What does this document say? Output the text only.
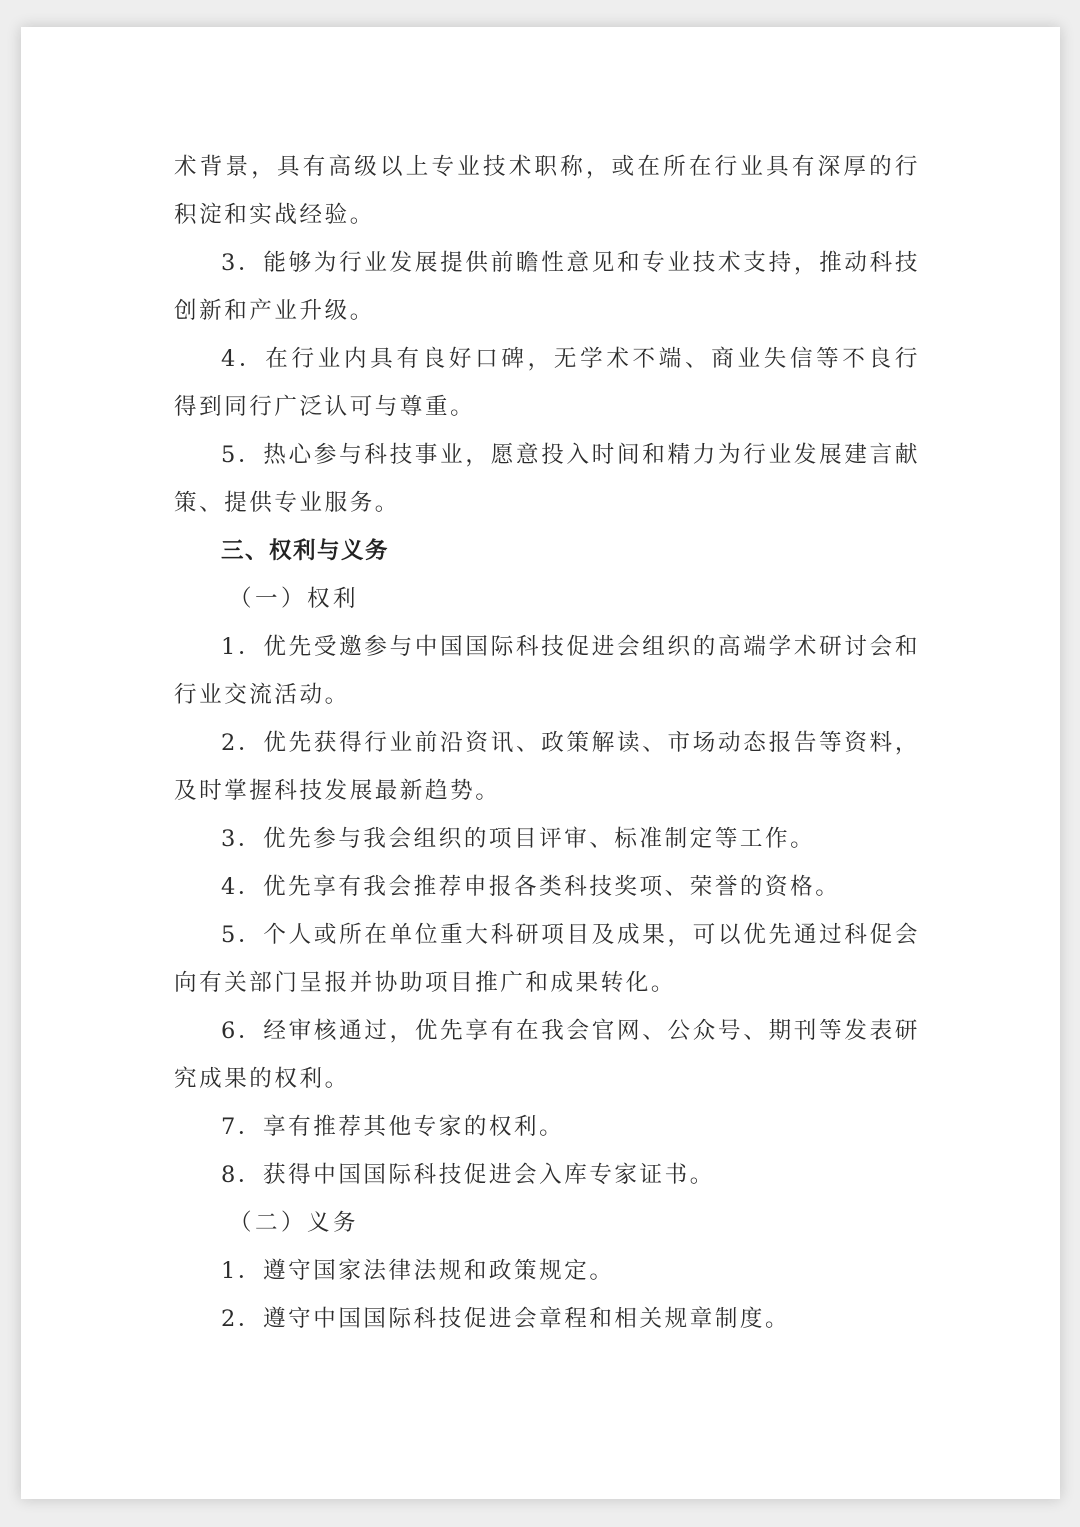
术背景，具有高级以上专业技术职称，或在所在行业具有深厚的行
积淀和实战经验。
3．能够为行业发展提供前瞻性意见和专业技术支持，推动科技
创新和产业升级。
4．在行业内具有良好口碑，无学术不端、商业失信等不良行
得到同行广泛认可与尊重。
5．热心参与科技事业，愿意投入时间和精力为行业发展建言献
策、提供专业服务。
三、权利与义务
（一）权利
1．优先受邀参与中国国际科技促进会组织的高端学术研讨会和
行业交流活动。
2．优先获得行业前沿资讯、政策解读、市场动态报告等资料，
及时掌握科技发展最新趋势。
3．优先参与我会组织的项目评审、标准制定等工作。
4．优先享有我会推荐申报各类科技奖项、荣誉的资格。
5．个人或所在单位重大科研项目及成果，可以优先通过科促会
向有关部门呈报并协助项目推广和成果转化。
6．经审核通过，优先享有在我会官网、公众号、期刊等发表研
究成果的权利。
7．享有推荐其他专家的权利。
8．获得中国国际科技促进会入库专家证书。
（二）义务
1．遵守国家法律法规和政策规定。
2．遵守中国国际科技促进会章程和相关规章制度。
